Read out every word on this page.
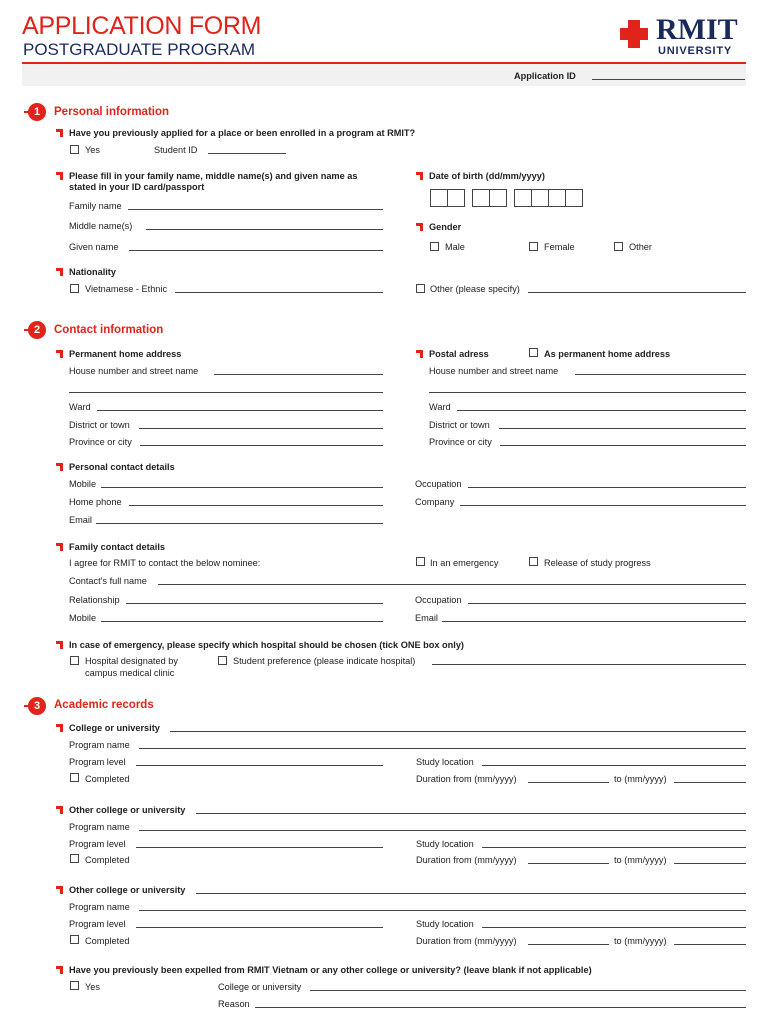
APPLICATION FORM
POSTGRADUATE PROGRAM
RMIT
UNIVERSITY
Application ID
1	Personal information
Have you previously applied for a place or been enrolled in a program at RMIT?
Yes	Student ID
Please fill in your family name, middle name(s) and given name as
stated in your ID card/passport
Family name
Middle name(s)
Given name
Date of birth (dd/mm/yyyy)
Gender
Male	Female	Other
Nationality
Vietnamese - Ethnic	Other (please specify)
2	Contact information
Permanent home address
House number and street name
Ward
District or town
Province or city
Postal adress	As permanent home address
House number and street name
Ward
District or town
Province or city
Personal contact details
Mobile
Home phone
Email
Occupation
Company
Family contact details
I agree for RMIT to contact the below nominee:	In an emergency	Release of study progress
Contact's full name
Relationship
Mobile
Occupation
Email
In case of emergency, please specify which hospital should be chosen (tick ONE box only)
Hospital designated by
campus medical clinic
Student preference (please indicate hospital)
3	Academic records
College or university
Program name
Program level	Study location
Completed	Duration from (mm/yyyy)	to (mm/yyyy)
Other college or university
Program name
Program level	Study location
Completed	Duration from (mm/yyyy)	to (mm/yyyy)
Other college or university
Program name
Program level	Study location
Completed	Duration from (mm/yyyy)	to (mm/yyyy)
Have you previously been expelled from RMIT Vietnam or any other college or university? (leave blank if not applicable)
Yes	College or university
Reason
